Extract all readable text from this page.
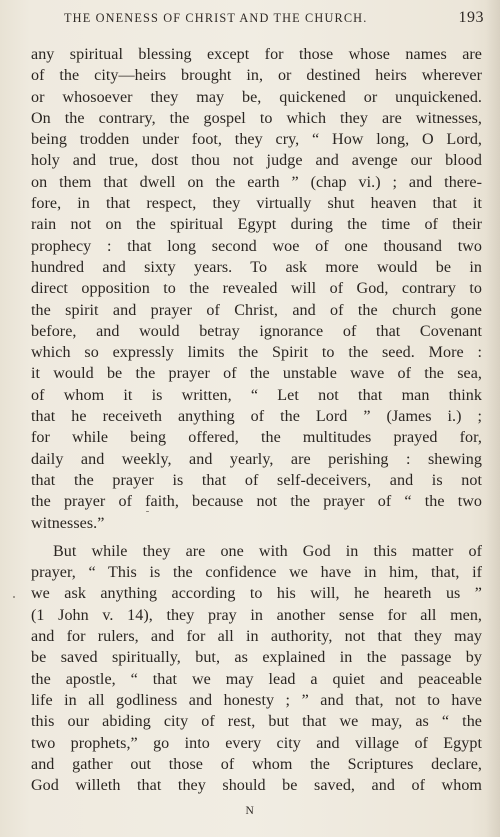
THE ONENESS OF CHRIST AND THE CHURCH.	193
any spiritual blessing except for those whose names are
of the city—heirs brought in, or destined heirs wherever
or whosoever they may be, quickened or unquickened.
On the contrary, the gospel to which they are witnesses,
being trodden under foot, they cry, “ How long, O Lord,
holy and true, dost thou not judge and avenge our blood
on them that dwell on the earth ” (chap vi.) ; and there-
fore, in that respect, they virtually shut heaven that it
rain not on the spiritual Egypt during the time of their
prophecy : that long second woe of one thousand two
hundred and sixty years. To ask more would be in
direct opposition to the revealed will of God, contrary to
the spirit and prayer of Christ, and of the church gone
before, and would betray ignorance of that Covenant
which so expressly limits the Spirit to the seed. More :
it would be the prayer of the unstable wave of the sea,
of whom it is written, “ Let not that man think
that he receiveth anything of the Lord ” (James i.) ;
for while being offered, the multitudes prayed for,
daily and weekly, and yearly, are perishing : shewing
that the prayer is that of self-deceivers, and is not
the prayer of faith, because not the prayer of “ the two
witnesses.”
But while they are one with God in this matter of
prayer, “ This is the confidence we have in him, that, if
we ask anything according to his will, he heareth us ”
(1 John v. 14), they pray in another sense for all men,
and for rulers, and for all in authority, not that they may
be saved spiritually, but, as explained in the passage by
the apostle, “ that we may lead a quiet and peaceable
life in all godliness and honesty ; ” and that, not to have
this our abiding city of rest, but that we may, as “ the
two prophets,” go into every city and village of Egypt
and gather out those of whom the Scriptures declare,
God willeth that they should be saved, and of whom
N
